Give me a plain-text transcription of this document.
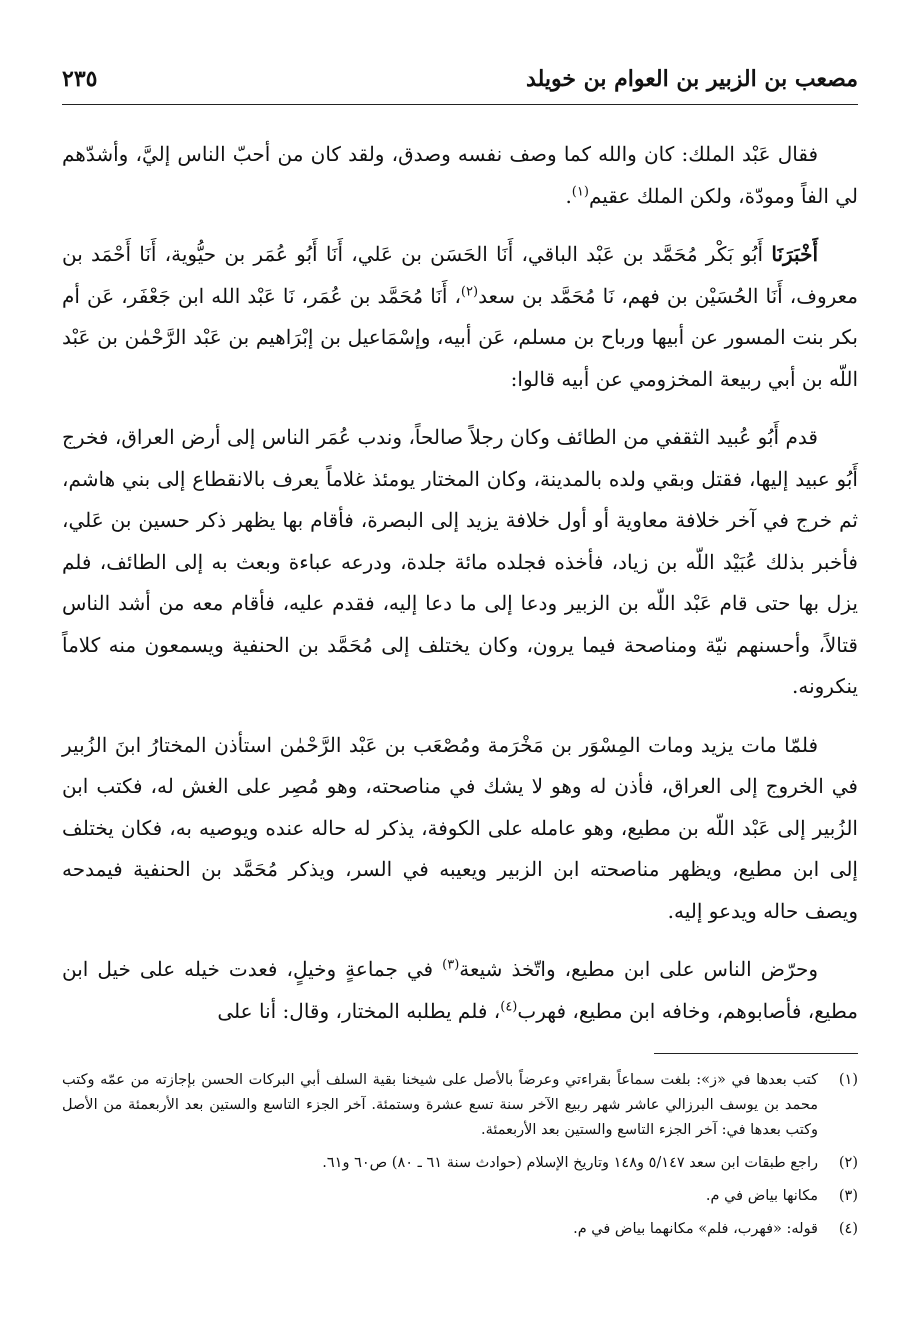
مصعب بن الزبير بن العوام بن خويلد
٢٣٥

فقال عَبْد الملك: كان والله كما وصف نفسه وصدق، ولقد كان من أحبّ الناس إليَّ، وأشدّهم لي الفاً ومودّة، ولكن الملك عقيم$^{(١)}$.

أَخْبَرَنَا أَبُو بَكْر مُحَمَّد بن عَبْد الباقي، أَنَا الحَسَن بن عَلي، أَنَا أَبُو عُمَر بن حيُّوية، أَنَا أَحْمَد بن معروف، أَنَا الحُسَيْن بن فهم، نَا مُحَمَّد بن سعد$^{(٢)}$، أَنَا مُحَمَّد بن عُمَر، نَا عَبْد الله ابن جَعْفَر، عَن أم بكر بنت المسور عن أبيها ورباح بن مسلم، عَن أبيه، وإسْمَاعيل بن إبْرَاهيم بن عَبْد الرَّحْمٰن بن عَبْد اللّه بن أبي ربيعة المخزومي عن أبيه قالوا:

قدم أَبُو عُبيد الثقفي من الطائف وكان رجلاً صالحاً، وندب عُمَر الناس إلى أرض العراق، فخرج أَبُو عبيد إليها، فقتل وبقي ولده بالمدينة، وكان المختار يومئذ غلاماً يعرف بالانقطاع إلى بني هاشم، ثم خرج في آخر خلافة معاوية أو أول خلافة يزيد إلى البصرة، فأقام بها يظهر ذكر حسين بن عَلي، فأخبر بذلك عُبَيْد اللّه بن زياد، فأخذه فجلده مائة جلدة، ودرعه عباءة وبعث به إلى الطائف، فلم يزل بها حتى قام عَبْد اللّه بن الزبير ودعا إلى ما دعا إليه، فقدم عليه، فأقام معه من أشد الناس قتالاً، وأحسنهم نيّة ومناصحة فيما يرون، وكان يختلف إلى مُحَمَّد بن الحنفية ويسمعون منه كلاماً ينكرونه.

فلمّا مات يزيد ومات المِسْوَر بن مَخْرَمة ومُصْعَب بن عَبْد الرَّحْمٰن استأذن المختارُ ابنَ الزُبير في الخروج إلى العراق، فأذن له وهو لا يشك في مناصحته، وهو مُصِر على الغش له، فكتب ابن الزُبير إلى عَبْد اللّه بن مطيع، وهو عامله على الكوفة، يذكر له حاله عنده ويوصيه به، فكان يختلف إلى ابن مطيع، ويظهر مناصحته ابن الزبير ويعيبه في السر، ويذكر مُحَمَّد بن الحنفية فيمدحه ويصف حاله ويدعو إليه.

وحرّض الناس على ابن مطيع، واتّخذ شيعة$^{(٣)}$ في جماعةٍ وخيلٍ، فعدت خيله على خيل ابن مطيع، فأصابوهم، وخافه ابن مطيع، فهرب$^{(٤)}$، فلم يطلبه المختار، وقال: أنا على

(١)
كتب بعدها في «ز»: بلغت سماعاً بقراءتي وعرضاً بالأصل على شيخنا بقية السلف أبي البركات الحسن بإجازته من عمّه وكتب محمد بن يوسف البرزالي عاشر شهر ربيع الآخر سنة تسع عشرة وستمئة. آخر الجزء التاسع والستين بعد الأربعمئة من الأصل وكتب بعدها في: آخر الجزء التاسع والستين بعد الأربعمئة.
(٢)
راجع طبقات ابن سعد ٥/١٤٧ و١٤٨ وتاريخ الإسلام (حوادث سنة ٦١ ـ ٨٠) ص٦٠ و٦١.
(٣)
مكانها بياض في م.
(٤)
قوله: «فهرب، فلم» مكانهما بياض في م.
